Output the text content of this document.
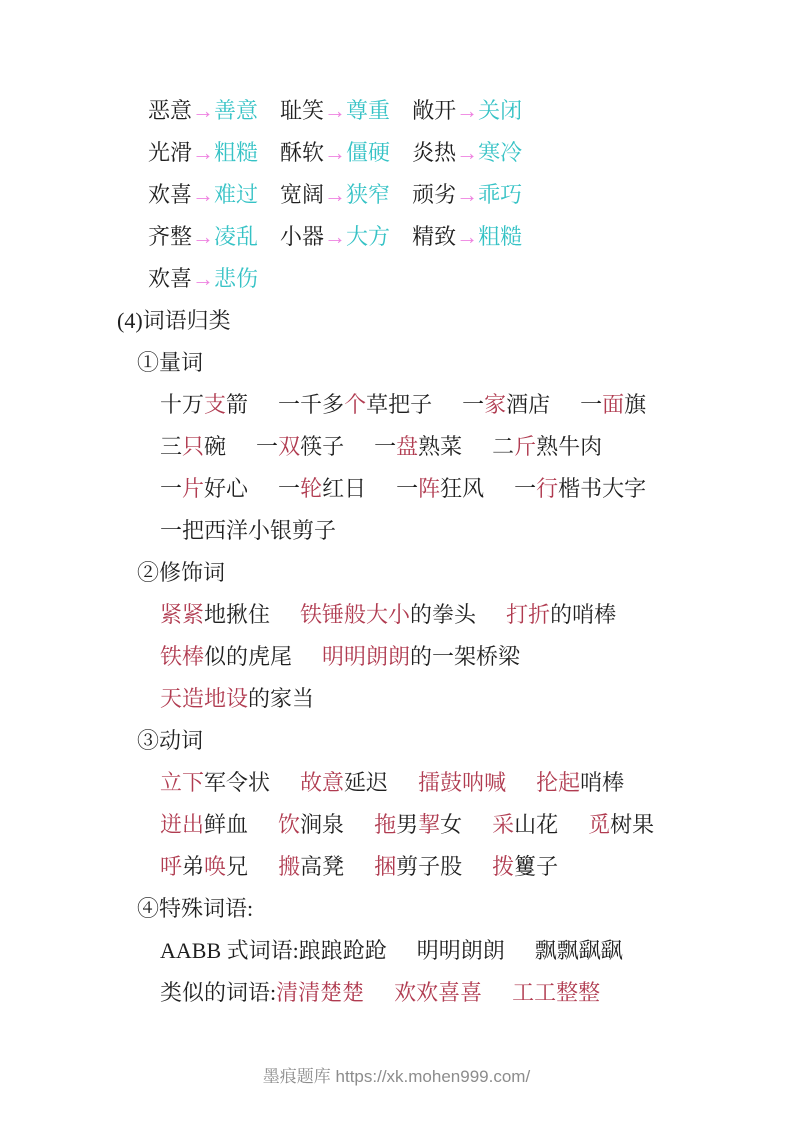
恶意→善意 耻笑→尊重 敞开→关闭

光滑→粗糙 酥软→僵硬 炎热→寒冷

欢喜→难过 宽阔→狭窄 顽劣→乖巧

齐整→凌乱 小器→大方 精致→粗糙

欢喜→悲伤

(4)词语归类

①量词

十万支箭 一千多个草把子 一家酒店 一面旗

三只碗 一双筷子 一盘熟菜 二斤熟牛肉

一片好心 一轮红日 一阵狂风 一行楷书大字

一把西洋小银剪子

②修饰词

紧紧地揪住 铁锤般大小的拳头 打折的哨棒

铁棒似的虎尾 明明朗朗的一架桥梁

天造地设的家当

③动词

立下军令状 故意延迟 擂鼓呐喊 抡起哨棒

迸出鲜血 饮涧泉 拖男挈女 采山花 觅树果

呼弟唤兄 搬高凳 捆剪子股 拨籰子

④特殊词语:

AABB 式词语:踉踉跄跄 明明朗朗 飘飘飖飖

类似的词语:清清楚楚 欢欢喜喜 工工整整

墨痕题库 https://xk.mohen999.com/
